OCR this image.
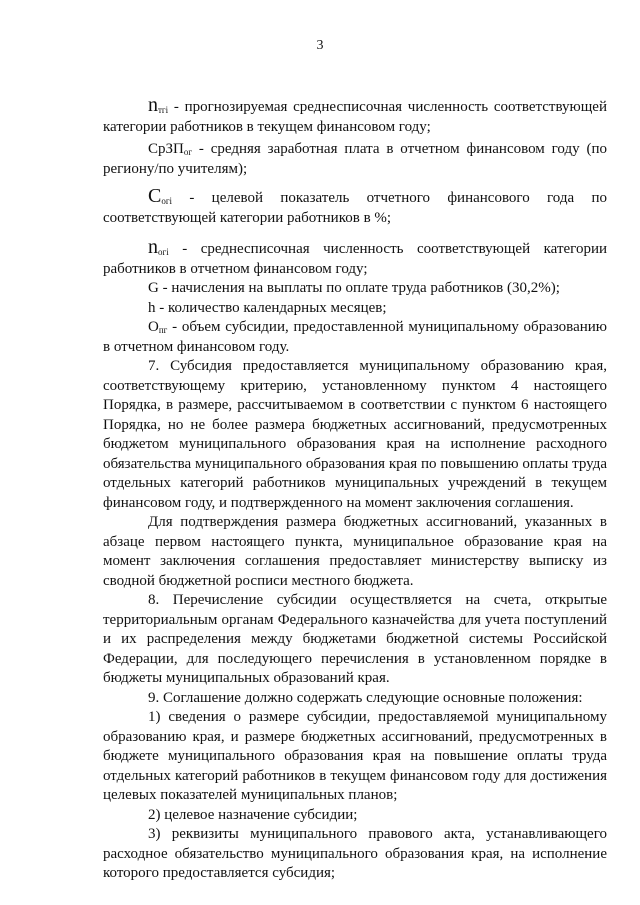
3

$n_{тгi}$ - прогнозируемая среднесписочная численность соответствующей категории работников в текущем финансовом году;

СрЗП$_{ог}$ - средняя заработная плата в отчетном финансовом году (по региону/по учителям);

$С_{огi}$ - целевой показатель отчетного финансового года по соответствующей категории работников в %;

$n_{огi}$ - среднесписочная численность соответствующей категории работников в отчетном финансовом году;

G - начисления на выплаты по оплате труда работников (30,2%);

h - количество календарных месяцев;

$О_{пг}$ - объем субсидии, предоставленной муниципальному образованию в отчетном финансовом году.

7. Субсидия предоставляется муниципальному образованию края, соответствующему критерию, установленному пунктом 4 настоящего Порядка, в размере, рассчитываемом в соответствии с пунктом 6 настоящего Порядка, но не более размера бюджетных ассигнований, предусмотренных бюджетом муниципального образования края на исполнение расходного обязательства муниципального образования края по повышению оплаты труда отдельных категорий работников муниципальных учреждений в текущем финансовом году, и подтвержденного на момент заключения соглашения.

Для подтверждения размера бюджетных ассигнований, указанных в абзаце первом настоящего пункта, муниципальное образование края на момент заключения соглашения предоставляет министерству выписку из сводной бюджетной росписи местного бюджета.

8. Перечисление субсидии осуществляется на счета, открытые территориальным органам Федерального казначейства для учета поступлений и их распределения между бюджетами бюджетной системы Российской Федерации, для последующего перечисления в установленном порядке в бюджеты муниципальных образований края.

9. Соглашение должно содержать следующие основные положения:

1) сведения о размере субсидии, предоставляемой муниципальному образованию края, и размере бюджетных ассигнований, предусмотренных в бюджете муниципального образования края на повышение оплаты труда отдельных категорий работников в текущем финансовом году для достижения целевых показателей муниципальных планов;

2) целевое назначение субсидии;

3) реквизиты муниципального правового акта, устанавливающего расходное обязательство муниципального образования края, на исполнение которого предоставляется субсидия;
